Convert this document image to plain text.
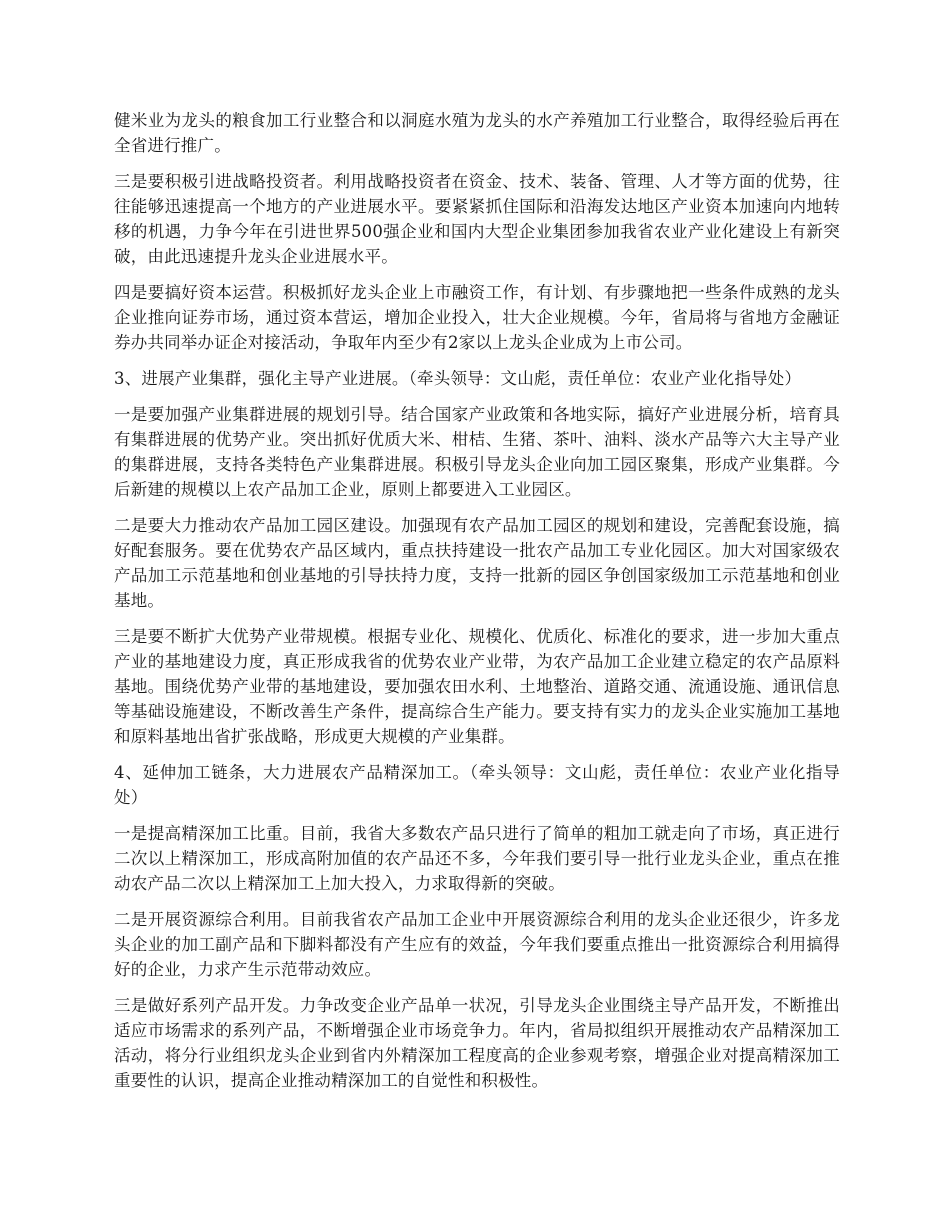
健米业为龙头的粮食加工行业整合和以洞庭水殖为龙头的水产养殖加工行业整合，取得经验后再在全省进行推广。

三是要积极引进战略投资者。利用战略投资者在资金、技术、装备、管理、人才等方面的优势，往往能够迅速提高一个地方的产业进展水平。要紧紧抓住国际和沿海发达地区产业资本加速向内地转移的机遇，力争今年在引进世界500强企业和国内大型企业集团参加我省农业产业化建设上有新突破，由此迅速提升龙头企业进展水平。

四是要搞好资本运营。积极抓好龙头企业上市融资工作，有计划、有步骤地把一些条件成熟的龙头企业推向证券市场，通过资本营运，增加企业投入，壮大企业规模。今年，省局将与省地方金融证券办共同举办证企对接活动，争取年内至少有2家以上龙头企业成为上市公司。

3、进展产业集群，强化主导产业进展。（牵头领导：文山彪，责任单位：农业产业化指导处）

一是要加强产业集群进展的规划引导。结合国家产业政策和各地实际，搞好产业进展分析，培育具有集群进展的优势产业。突出抓好优质大米、柑桔、生猪、茶叶、油料、淡水产品等六大主导产业的集群进展，支持各类特色产业集群进展。积极引导龙头企业向加工园区聚集，形成产业集群。今后新建的规模以上农产品加工企业，原则上都要进入工业园区。

二是要大力推动农产品加工园区建设。加强现有农产品加工园区的规划和建设，完善配套设施，搞好配套服务。要在优势农产品区域内，重点扶持建设一批农产品加工专业化园区。加大对国家级农产品加工示范基地和创业基地的引导扶持力度，支持一批新的园区争创国家级加工示范基地和创业基地。

三是要不断扩大优势产业带规模。根据专业化、规模化、优质化、标准化的要求，进一步加大重点产业的基地建设力度，真正形成我省的优势农业产业带，为农产品加工企业建立稳定的农产品原料基地。围绕优势产业带的基地建设，要加强农田水利、土地整治、道路交通、流通设施、通讯信息等基础设施建设，不断改善生产条件，提高综合生产能力。要支持有实力的龙头企业实施加工基地和原料基地出省扩张战略，形成更大规模的产业集群。

4、延伸加工链条，大力进展农产品精深加工。（牵头领导：文山彪，责任单位：农业产业化指导处）

一是提高精深加工比重。目前，我省大多数农产品只进行了简单的粗加工就走向了市场，真正进行二次以上精深加工，形成高附加值的农产品还不多，今年我们要引导一批行业龙头企业，重点在推动农产品二次以上精深加工上加大投入，力求取得新的突破。

二是开展资源综合利用。目前我省农产品加工企业中开展资源综合利用的龙头企业还很少，许多龙头企业的加工副产品和下脚料都没有产生应有的效益，今年我们要重点推出一批资源综合利用搞得好的企业，力求产生示范带动效应。

三是做好系列产品开发。力争改变企业产品单一状况，引导龙头企业围绕主导产品开发，不断推出适应市场需求的系列产品，不断增强企业市场竞争力。年内，省局拟组织开展推动农产品精深加工活动，将分行业组织龙头企业到省内外精深加工程度高的企业参观考察，增强企业对提高精深加工重要性的认识，提高企业推动精深加工的自觉性和积极性。
